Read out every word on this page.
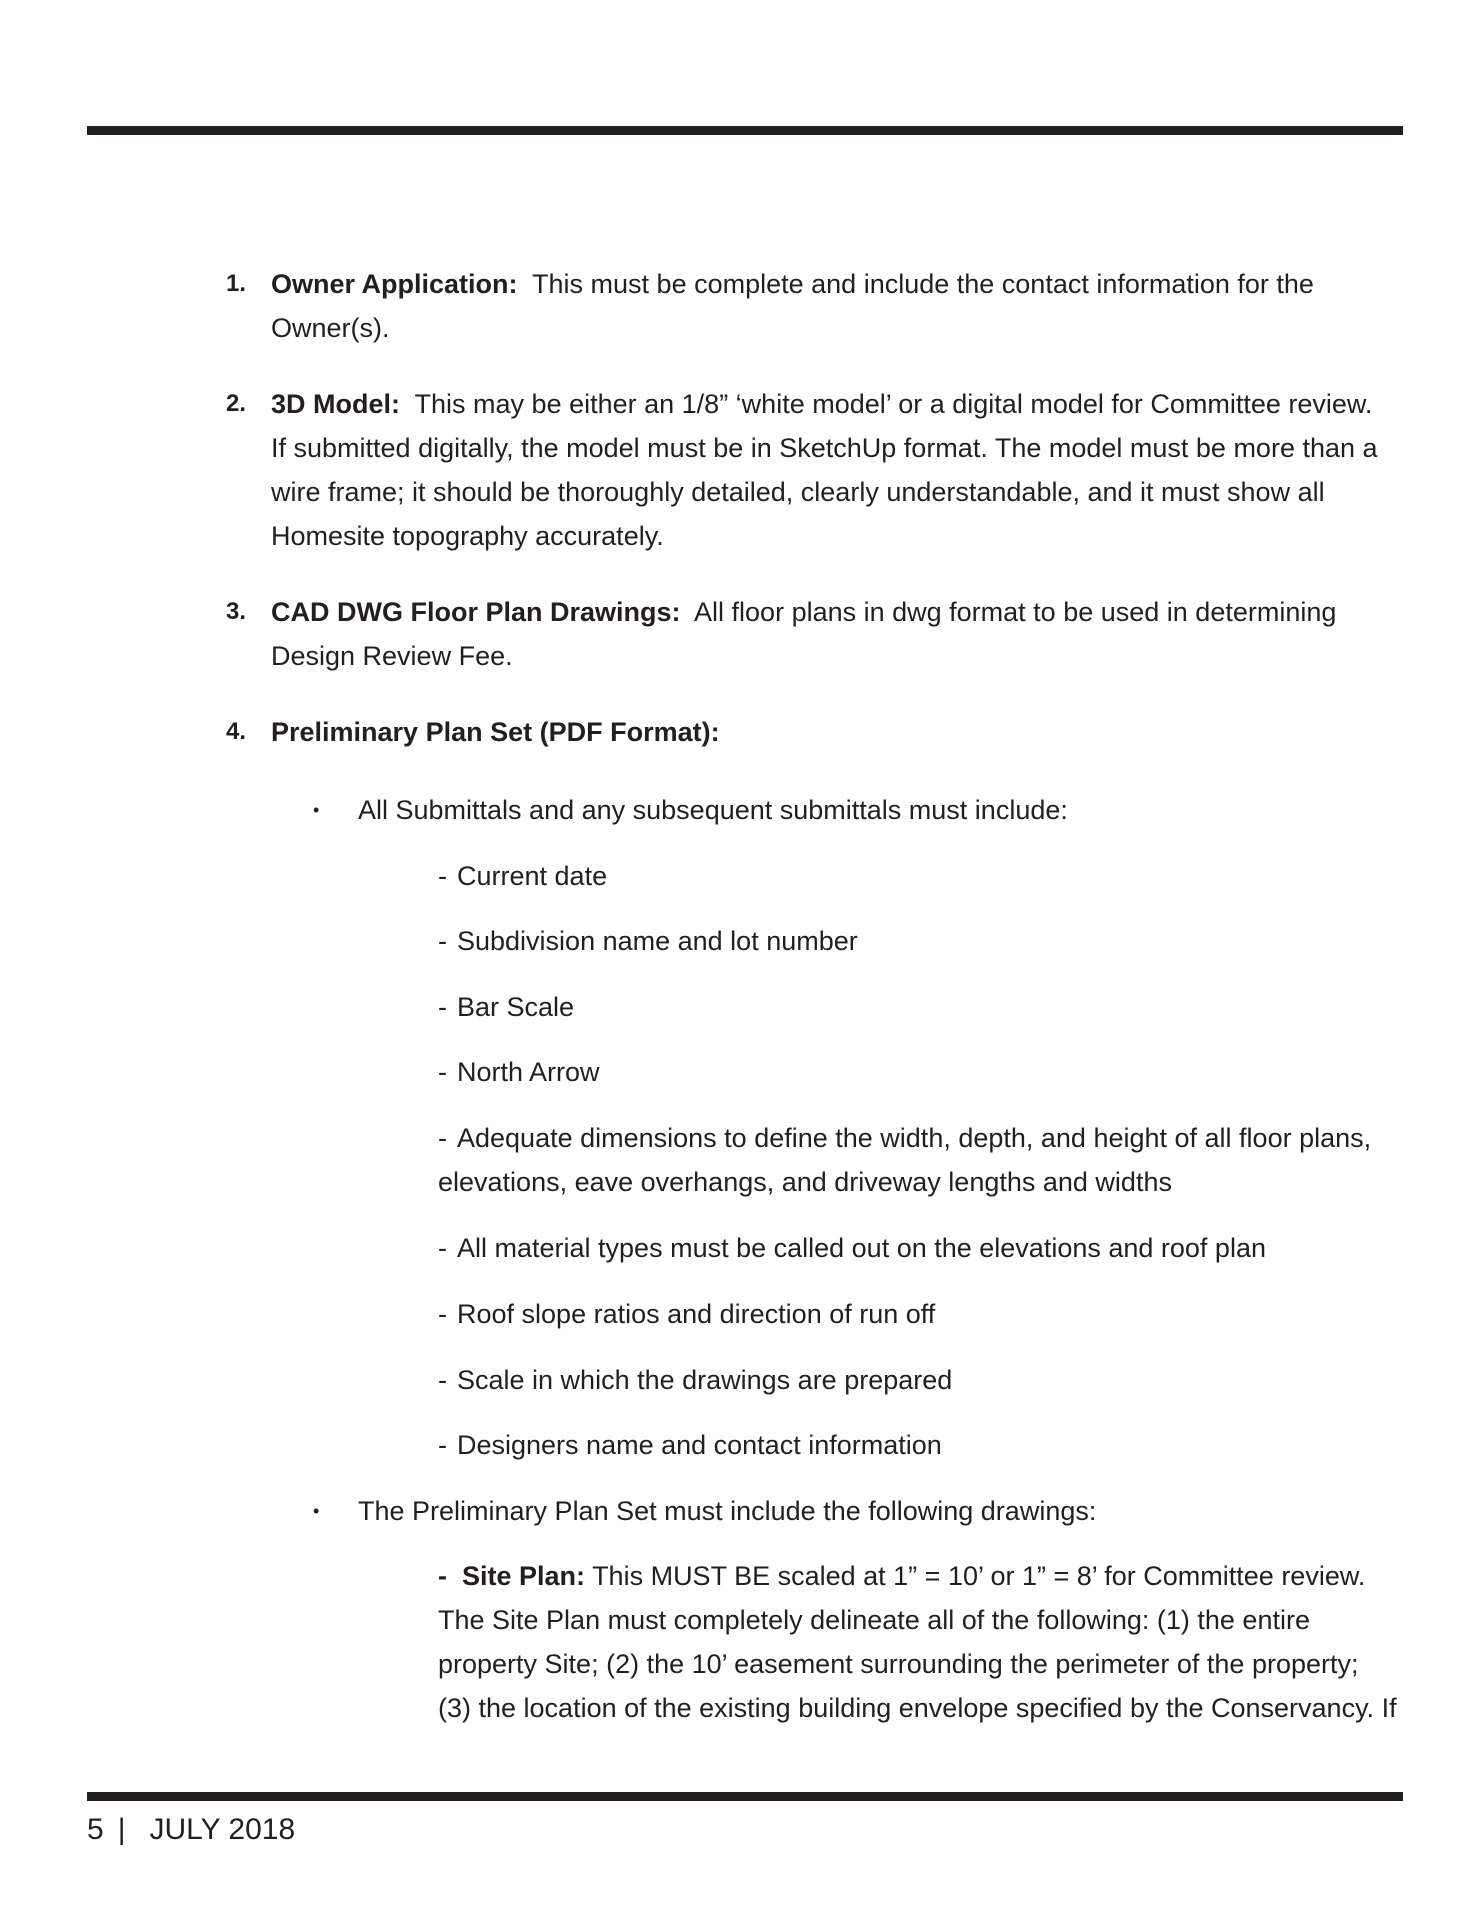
1. Owner Application: This must be complete and include the contact information for the Owner(s).
2. 3D Model: This may be either an 1/8” ‘white model’ or a digital model for Committee review. If submitted digitally, the model must be in SketchUp format. The model must be more than a wire frame; it should be thoroughly detailed, clearly understandable, and it must show all Homesite topography accurately.
3. CAD DWG Floor Plan Drawings: All floor plans in dwg format to be used in determining Design Review Fee.
4. Preliminary Plan Set (PDF Format):
• All Submittals and any subsequent submittals must include:
- Current date
- Subdivision name and lot number
- Bar Scale
- North Arrow
- Adequate dimensions to define the width, depth, and height of all floor plans, elevations, eave overhangs, and driveway lengths and widths
- All material types must be called out on the elevations and roof plan
- Roof slope ratios and direction of run off
- Scale in which the drawings are prepared
- Designers name and contact information
• The Preliminary Plan Set must include the following drawings:
- Site Plan: This MUST BE scaled at 1” = 10’ or 1” = 8’ for Committee review. The Site Plan must completely delineate all of the following: (1) the entire property Site; (2) the 10’ easement surrounding the perimeter of the property; (3) the location of the existing building envelope specified by the Conservancy. If
5 | JULY 2018
